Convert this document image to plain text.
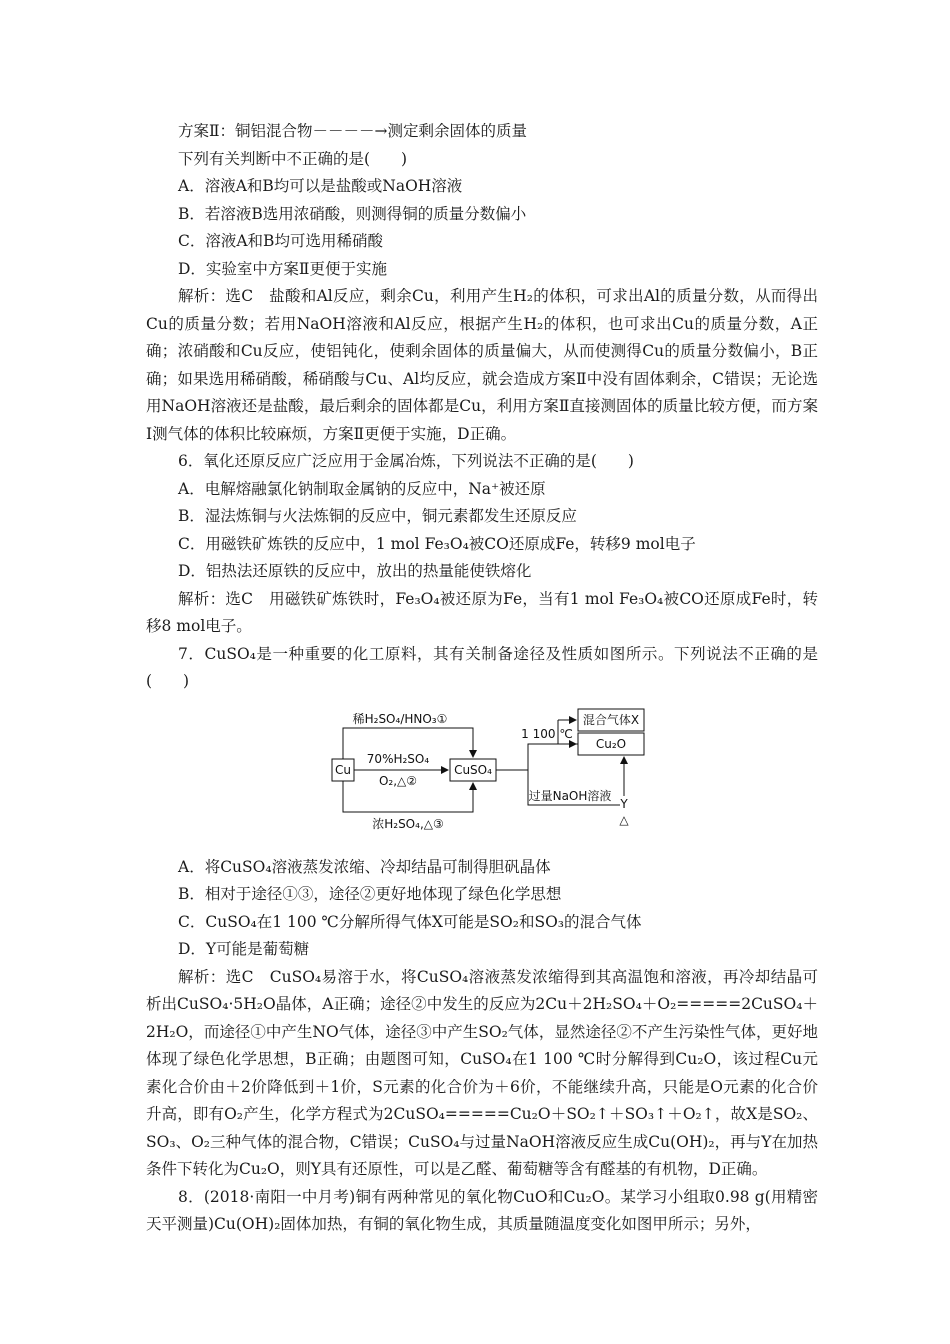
方案Ⅱ：铜铝混合物－－－－→测定剩余固体的质量

下列有关判断中不正确的是(　　)

A．溶液A和B均可以是盐酸或NaOH溶液

B．若溶液B选用浓硝酸，则测得铜的质量分数偏小

C．溶液A和B均可选用稀硝酸

D．实验室中方案Ⅱ更便于实施

解析：选C　盐酸和Al反应，剩余Cu，利用产生H₂的体积，可求出Al的质量分数，从而得出Cu的质量分数；若用NaOH溶液和Al反应，根据产生H₂的体积，也可求出Cu的质量分数，A正确；浓硝酸和Cu反应，使铝钝化，使剩余固体的质量偏大，从而使测得Cu的质量分数偏小，B正确；如果选用稀硝酸，稀硝酸与Cu、Al均反应，就会造成方案Ⅱ中没有固体剩余，C错误；无论选用NaOH溶液还是盐酸，最后剩余的固体都是Cu，利用方案Ⅱ直接测固体的质量比较方便，而方案Ⅰ测气体的体积比较麻烦，方案Ⅱ更便于实施，D正确。

6．氧化还原反应广泛应用于金属冶炼，下列说法不正确的是(　　)

A．电解熔融氯化钠制取金属钠的反应中，Na⁺被还原

B．湿法炼铜与火法炼铜的反应中，铜元素都发生还原反应

C．用磁铁矿炼铁的反应中，1 mol Fe₃O₄被CO还原成Fe，转移9 mol电子

D．铝热法还原铁的反应中，放出的热量能使铁熔化

解析：选C　用磁铁矿炼铁时，Fe₃O₄被还原为Fe，当有1 mol Fe₃O₄被CO还原成Fe时，转移8 mol电子。

7．CuSO₄是一种重要的化工原料，其有关制备途径及性质如图所示。下列说法不正确的是(　　)

Cu	CuSO₄
稀H₂SO₄/HNO₃①
70%H₂SO₄
O₂,△②
浓H₂SO₄,△③
1 100 ℃
混合气体X
Cu₂O
过量NaOH溶液
Y
△

A．将CuSO₄溶液蒸发浓缩、冷却结晶可制得胆矾晶体

B．相对于途径①③，途径②更好地体现了绿色化学思想

C．CuSO₄在1 100 ℃分解所得气体X可能是SO₂和SO₃的混合气体

D．Y可能是葡萄糖

解析：选C　CuSO₄易溶于水，将CuSO₄溶液蒸发浓缩得到其高温饱和溶液，再冷却结晶可析出CuSO₄·5H₂O晶体，A正确；途径②中发生的反应为2Cu＋2H₂SO₄＋O₂=====2CuSO₄＋2H₂O，而途径①中产生NO气体，途径③中产生SO₂气体，显然途径②不产生污染性气体，更好地体现了绿色化学思想，B正确；由题图可知，CuSO₄在1 100 ℃时分解得到Cu₂O，该过程Cu元素化合价由＋2价降低到＋1价，S元素的化合价为＋6价，不能继续升高，只能是O元素的化合价升高，即有O₂产生，化学方程式为2CuSO₄=====Cu₂O＋SO₂↑＋SO₃↑＋O₂↑，故X是SO₂、SO₃、O₂三种气体的混合物，C错误；CuSO₄与过量NaOH溶液反应生成Cu(OH)₂，再与Y在加热条件下转化为Cu₂O，则Y具有还原性，可以是乙醛、葡萄糖等含有醛基的有机物，D正确。

8．(2018·南阳一中月考)铜有两种常见的氧化物CuO和Cu₂O。某学习小组取0.98 g(用精密天平测量)Cu(OH)₂固体加热，有铜的氧化物生成，其质量随温度变化如图甲所示；另外，
